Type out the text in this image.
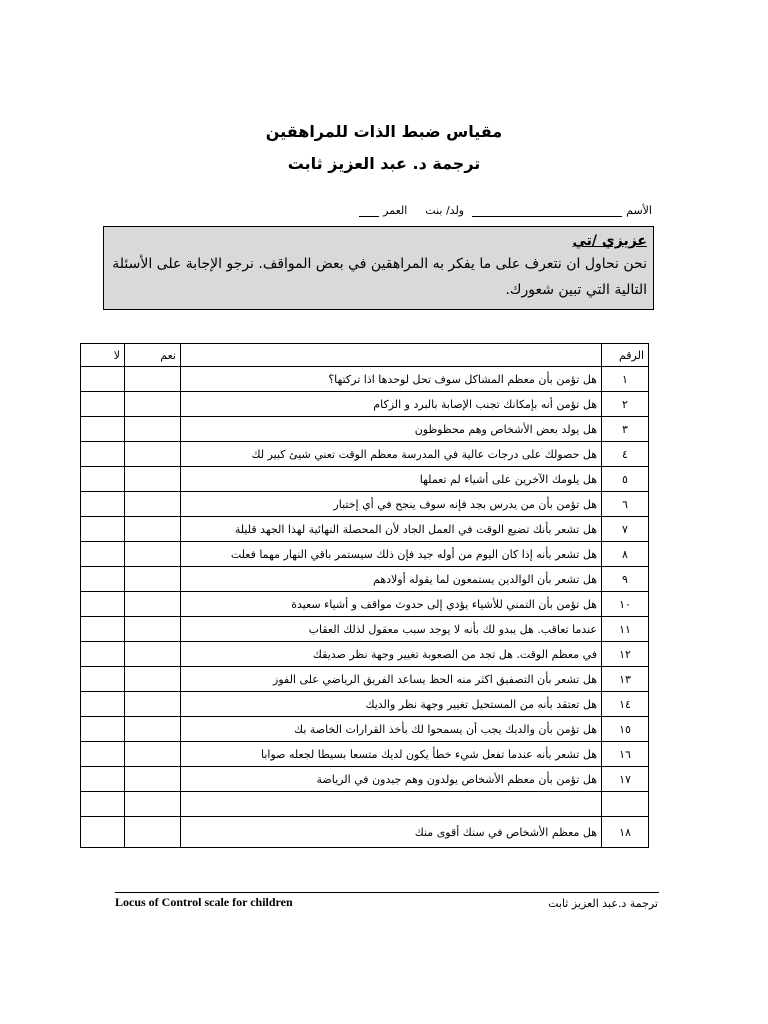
مقياس ضبط الذات للمراهقين
ترجمة د. عبد العزيز ثابت
الأسم
ولد/ بنت
العمر
عزيزي /تي
نحن نحاول ان نتعرف على ما يفكر به المراهقين في بعض المواقف. نرجو الإجابة على الأسئلة التالية التي تبين شعورك.
الرقم		نعم	لا
١	هل تؤمن بأن معظم المشاكل سوف تحل لوحدها اذا تركتها؟		
٢	هل تؤمن أنه بإمكانك تجنب الإصابة بالبرد و الزكام		
٣	هل يولد بعض الأشخاص وهم محظوظون		
٤	هل حصولك على درجات عالية في المدرسة معظم الوقت تعني شيئ كبير لك		
٥	هل يلومك الآخرين على أشياء لم تعملها		
٦	هل تؤمن بأن من يدرس بجد فإنه سوف ينجح في أي إختبار		
٧	هل تشعر بأنك تضيع الوقت في العمل الجاد لأن المحصلة النهائية لهذا الجهد قليلة		
٨	هل تشعر بأنه إذا كان اليوم من أوله جيد فإن ذلك سيستمر باقي النهار مهما فعلت		
٩	هل تشعر بأن الوالدين يستمعون لما يقوله أولادهم		
١٠	هل تؤمن بأن التمني للأشياء يؤدي إلى حدوث مواقف و أشياء سعيدة		
١١	عندما تعاقب. هل يبدو لك بأنه لا يوجد سبب معقول لذلك العقاب		
١٢	في معظم الوقت. هل تجد من الصعوبة تغيير وجهة نظر صديقك		
١٣	هل تشعر بأن التصفيق اكثر منه الحظ يساعد الفريق الرياضي على الفوز		
١٤	هل تعتقد بأنه من المستحيل تغيير وجهة نظر والديك		
١٥	هل تؤمن بأن والديك يجب أن يسمحوا لك بأخذ القرارات الخاصة بك		
١٦	هل تشعر بأنه عندما تفعل شيء خطأ يكون لديك متسعا بسيطا لجعله صوابا		
١٧	هل تؤمن بأن معظم الأشخاص يولدون وهم جيدون في الرياضة		

١٨	هل معظم الأشخاص في سنك أقوى منك		
Locus of Control scale for children	ترجمة د.عبد العزيز ثابت
